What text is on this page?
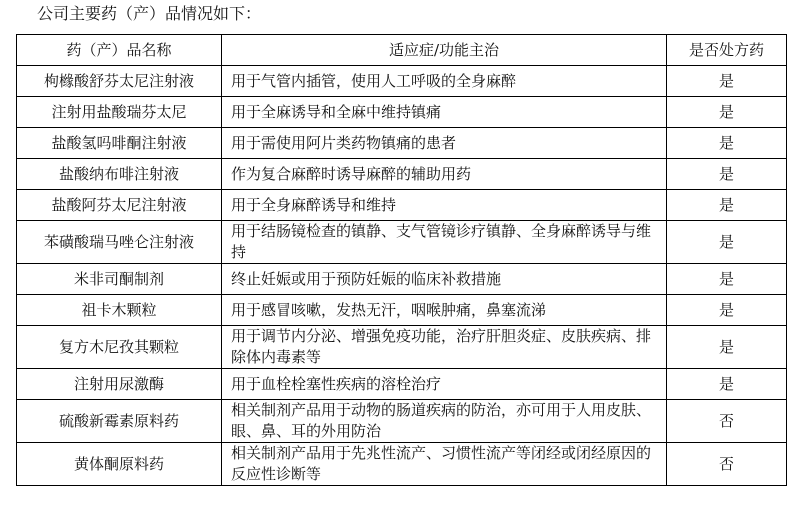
公司主要药（产）品情况如下：
药（产）品名称	适应症/功能主治	是否处方药
枸橼酸舒芬太尼注射液	用于气管内插管，使用人工呼吸的全身麻醉	是
注射用盐酸瑞芬太尼	用于全麻诱导和全麻中维持镇痛	是
盐酸氢吗啡酮注射液	用于需使用阿片类药物镇痛的患者	是
盐酸纳布啡注射液	作为复合麻醉时诱导麻醉的辅助用药	是
盐酸阿芬太尼注射液	用于全身麻醉诱导和维持	是
苯磺酸瑞马唑仑注射液	用于结肠镜检查的镇静、支气管镜诊疗镇静、全身麻醉诱导与维持	是
米非司酮制剂	终止妊娠或用于预防妊娠的临床补救措施	是
祖卡木颗粒	用于感冒咳嗽，发热无汗，咽喉肿痛，鼻塞流涕	是
复方木尼孜其颗粒	用于调节内分泌、增强免疫功能，治疗肝胆炎症、皮肤疾病、排除体内毒素等	是
注射用尿激酶	用于血栓栓塞性疾病的溶栓治疗	是
硫酸新霉素原料药	相关制剂产品用于动物的肠道疾病的防治，亦可用于人用皮肤、眼、鼻、耳的外用防治	否
黄体酮原料药	相关制剂产品用于先兆性流产、习惯性流产等闭经或闭经原因的反应性诊断等	否
